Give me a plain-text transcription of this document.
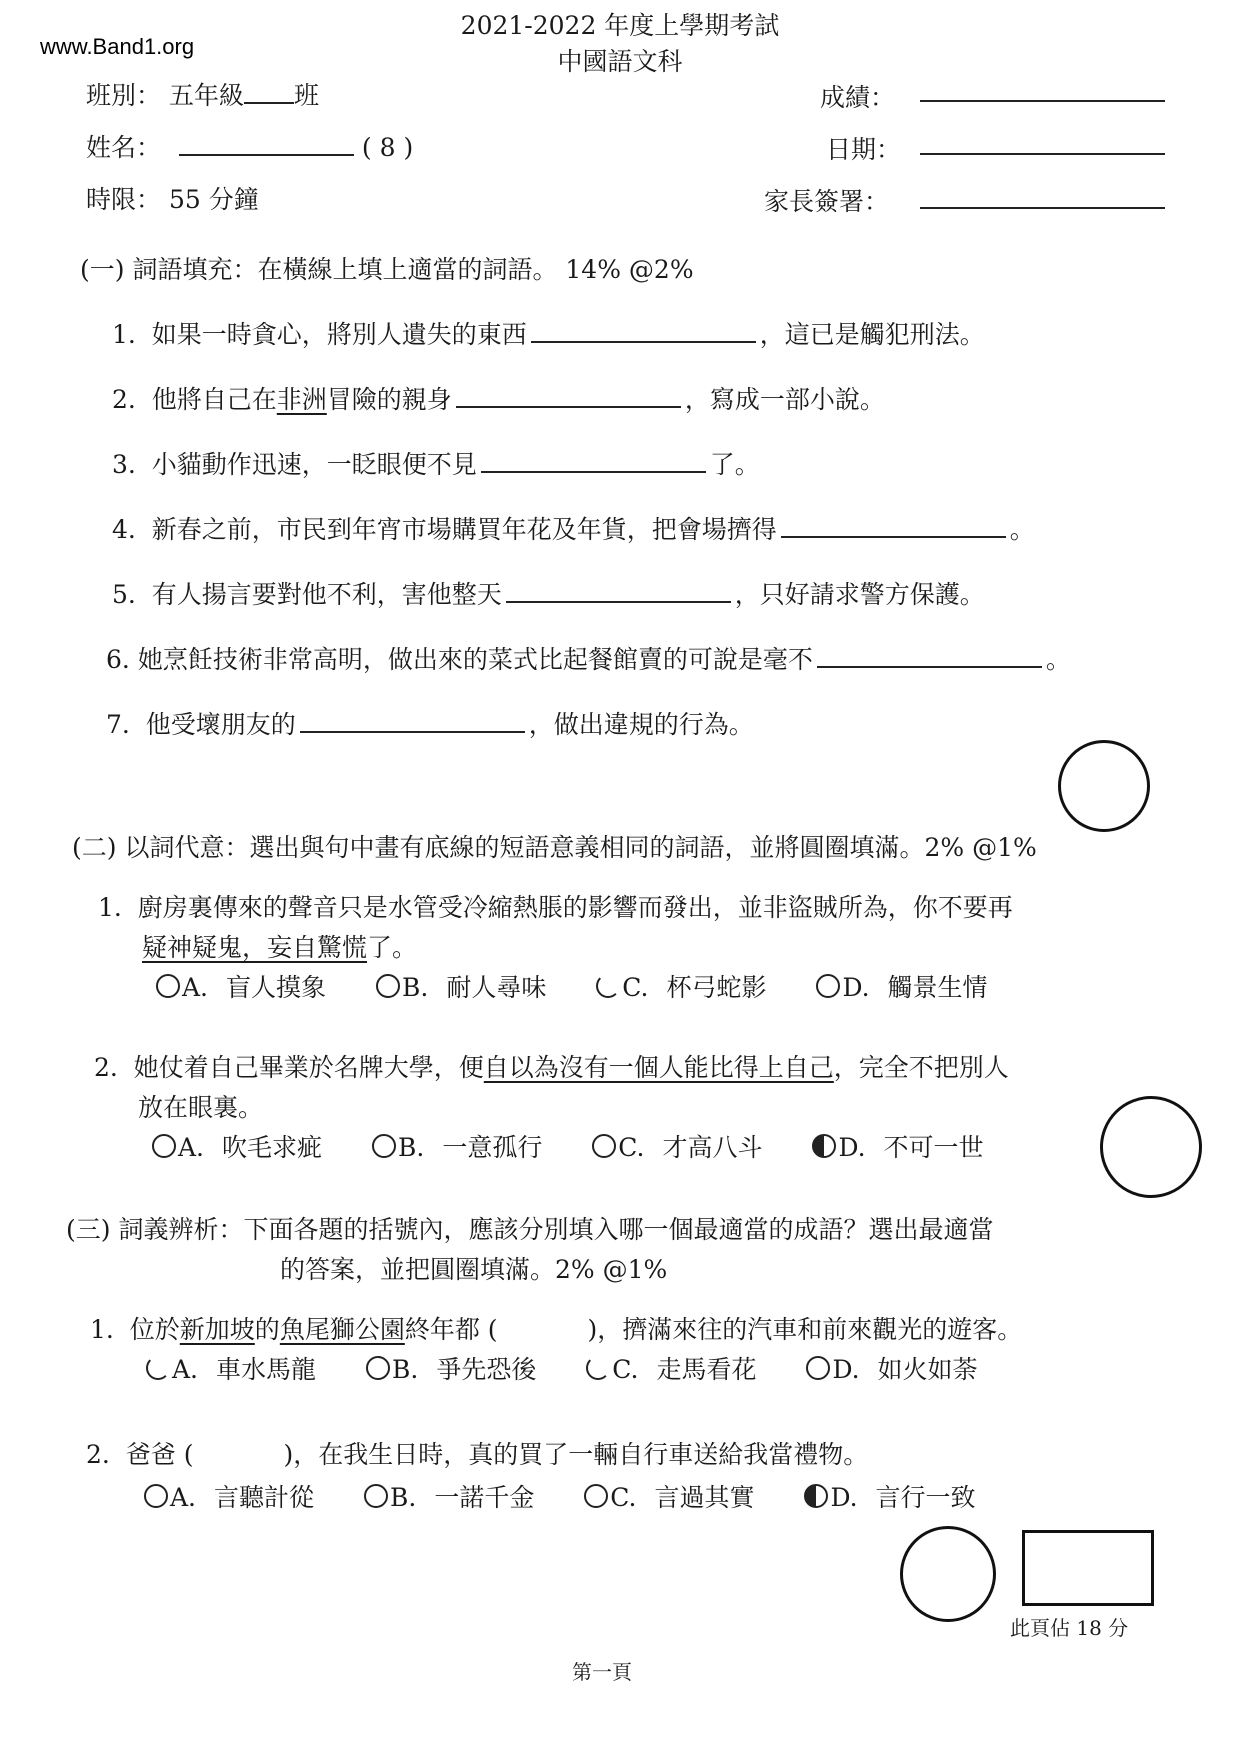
www.Band1.org
2021-2022 年度上學期考試
中國語文科
班別： 五年級 班
姓名：	( 8 )
時限： 55 分鐘
成績：
日期：
家長簽署：
(一) 詞語填充：在橫線上填上適當的詞語。 14% @2%
1. 如果一時貪心，將別人遺失的東西	，這已是觸犯刑法。
2. 他將自己在非洲冒險的親身	，寫成一部小說。
3. 小貓動作迅速，一眨眼便不見	了。
4. 新春之前，市民到年宵市場購買年花及年貨，把會場擠得	。
5. 有人揚言要對他不利，害他整天	，只好請求警方保護。
6. 她烹飪技術非常高明，做出來的菜式比起餐館賣的可說是毫不	。
7. 他受壞朋友的	，做出違規的行為。
(二) 以詞代意：選出與句中畫有底線的短語意義相同的詞語，並將圓圈填滿。2% @1%
1. 廚房裏傳來的聲音只是水管受冷縮熱脹的影響而發出，並非盜賊所為，你不要再
疑神疑鬼，妄自驚慌了。
A. 盲人摸象	B. 耐人尋味	C. 杯弓蛇影	D. 觸景生情
2. 她仗着自己畢業於名牌大學，便自以為沒有一個人能比得上自己，完全不把別人
放在眼裏。
A. 吹毛求疵	B. 一意孤行	C. 才高八斗	D. 不可一世
(三) 詞義辨析：下面各題的括號內，應該分別填入哪一個最適當的成語？選出最適當
的答案，並把圓圈填滿。2% @1%
1. 位於新加坡的魚尾獅公園終年都 (	)，擠滿來往的汽車和前來觀光的遊客。
A. 車水馬龍	B. 爭先恐後	C. 走馬看花	D. 如火如荼
2. 爸爸 (	)，在我生日時，真的買了一輛自行車送給我當禮物。
A. 言聽計從	B. 一諾千金	C. 言過其實	D. 言行一致
此頁佔 18 分
第一頁
